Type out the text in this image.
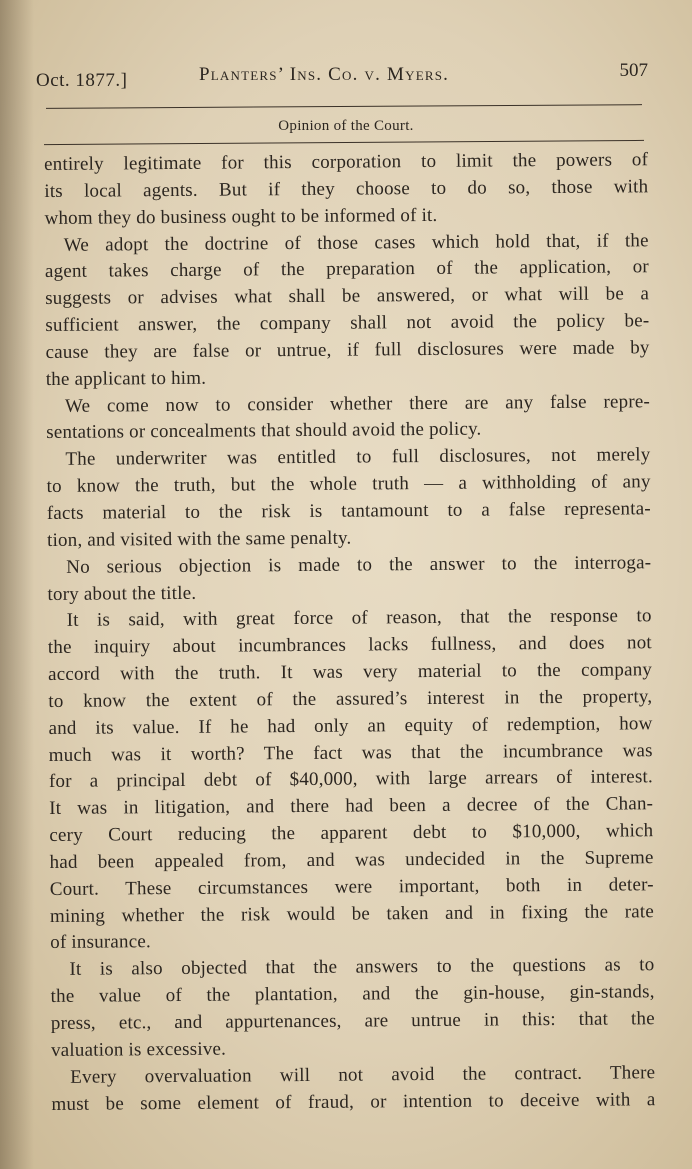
Oct. 1877.]	Planters’ Ins. Co. v. Myers.	507
Opinion of the Court.
entirely legitimate for this corporation to limit the powers of
its local agents. But if they choose to do so, those with
whom they do business ought to be informed of it.
We adopt the doctrine of those cases which hold that, if the
agent takes charge of the preparation of the application, or
suggests or advises what shall be answered, or what will be a
sufficient answer, the company shall not avoid the policy be-
cause they are false or untrue, if full disclosures were made by
the applicant to him.
We come now to consider whether there are any false repre-
sentations or concealments that should avoid the policy.
The underwriter was entitled to full disclosures, not merely
to know the truth, but the whole truth — a withholding of any
facts material to the risk is tantamount to a false representa-
tion, and visited with the same penalty.
No serious objection is made to the answer to the interroga-
tory about the title.
It is said, with great force of reason, that the response to
the inquiry about incumbrances lacks fullness, and does not
accord with the truth. It was very material to the company
to know the extent of the assured’s interest in the property,
and its value. If he had only an equity of redemption, how
much was it worth? The fact was that the incumbrance was
for a principal debt of $40,000, with large arrears of interest.
It was in litigation, and there had been a decree of the Chan-
cery Court reducing the apparent debt to $10,000, which
had been appealed from, and was undecided in the Supreme
Court. These circumstances were important, both in deter-
mining whether the risk would be taken and in fixing the rate
of insurance.
It is also objected that the answers to the questions as to
the value of the plantation, and the gin-house, gin-stands,
press, etc., and appurtenances, are untrue in this: that the
valuation is excessive.
Every overvaluation will not avoid the contract. There
must be some element of fraud, or intention to deceive with a
